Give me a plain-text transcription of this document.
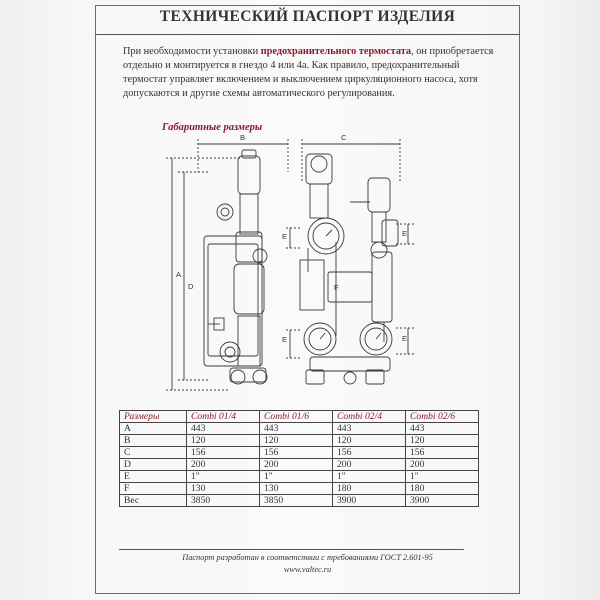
ТЕХНИЧЕСКИЙ ПАСПОРТ ИЗДЕЛИЯ
При необходимости установки предохранительного термостата, он приобретается отдельно и монтируется в гнездо 4 или 4а. Как правило, предохранительный термостат управляет включением и выключением циркуляционного насоса, хотя допускаются и другие схемы автоматического регулирования.
Габаритные размеры
B	C
A
D
E	E
F
E	E
Размеры	Combi 01/4	Combi 01/6	Combi 02/4	Combi 02/6
A	443	443	443	443
B	120	120	120	120
C	156	156	156	156
D	200	200	200	200
E	1"	1"	1"	1"
F	130	130	180	180
Вес	3850	3850	3900	3900
Паспорт разработан в соответствии с требованиями ГОСТ 2.601-95
www.valtec.ru
